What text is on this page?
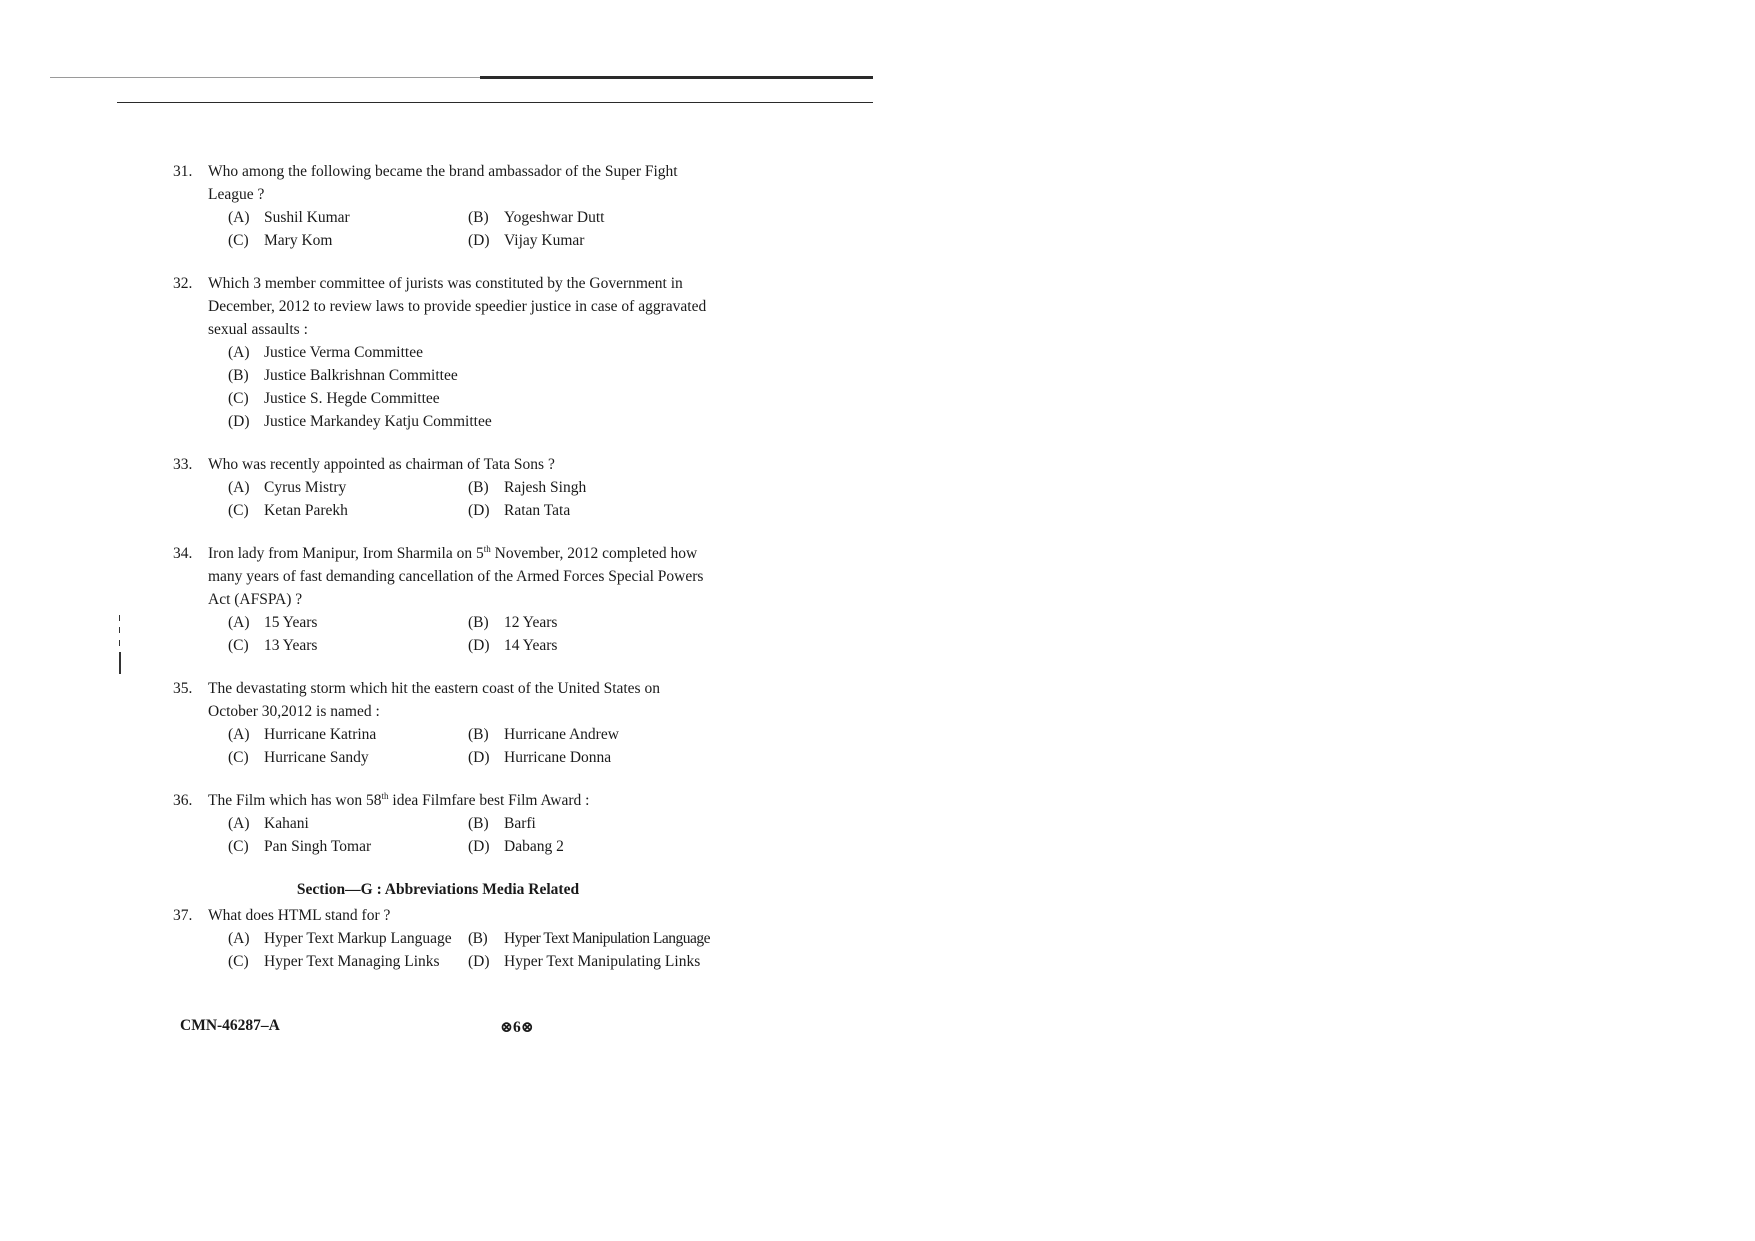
31. Who among the following became the brand ambassador of the Super Fight League ?
(A) Sushil Kumar	(B) Yogeshwar Dutt
(C) Mary Kom	(D) Vijay Kumar
32. Which 3 member committee of jurists was constituted by the Government in December, 2012 to review laws to provide speedier justice in case of aggravated sexual assaults :
(A) Justice Verma Committee
(B) Justice Balkrishnan Committee
(C) Justice S. Hegde Committee
(D) Justice Markandey Katju Committee
33. Who was recently appointed as chairman of Tata Sons ?
(A) Cyrus Mistry	(B) Rajesh Singh
(C) Ketan Parekh	(D) Ratan Tata
34. Iron lady from Manipur, Irom Sharmila on 5th November, 2012 completed how many years of fast demanding cancellation of the Armed Forces Special Powers Act (AFSPA) ?
(A) 15 Years	(B) 12 Years
(C) 13 Years	(D) 14 Years
35. The devastating storm which hit the eastern coast of the United States on October 30,2012 is named :
(A) Hurricane Katrina	(B) Hurricane Andrew
(C) Hurricane Sandy	(D) Hurricane Donna
36. The Film which has won 58th idea Filmfare best Film Award :
(A) Kahani	(B) Barfi
(C) Pan Singh Tomar	(D) Dabang 2
Section—G : Abbreviations Media Related
37. What does HTML stand for ?
(A) Hyper Text Markup Language	(B) Hyper Text Manipulation Language
(C) Hyper Text Managing Links	(D) Hyper Text Manipulating Links
CMN-46287–A	⊗6⊗
